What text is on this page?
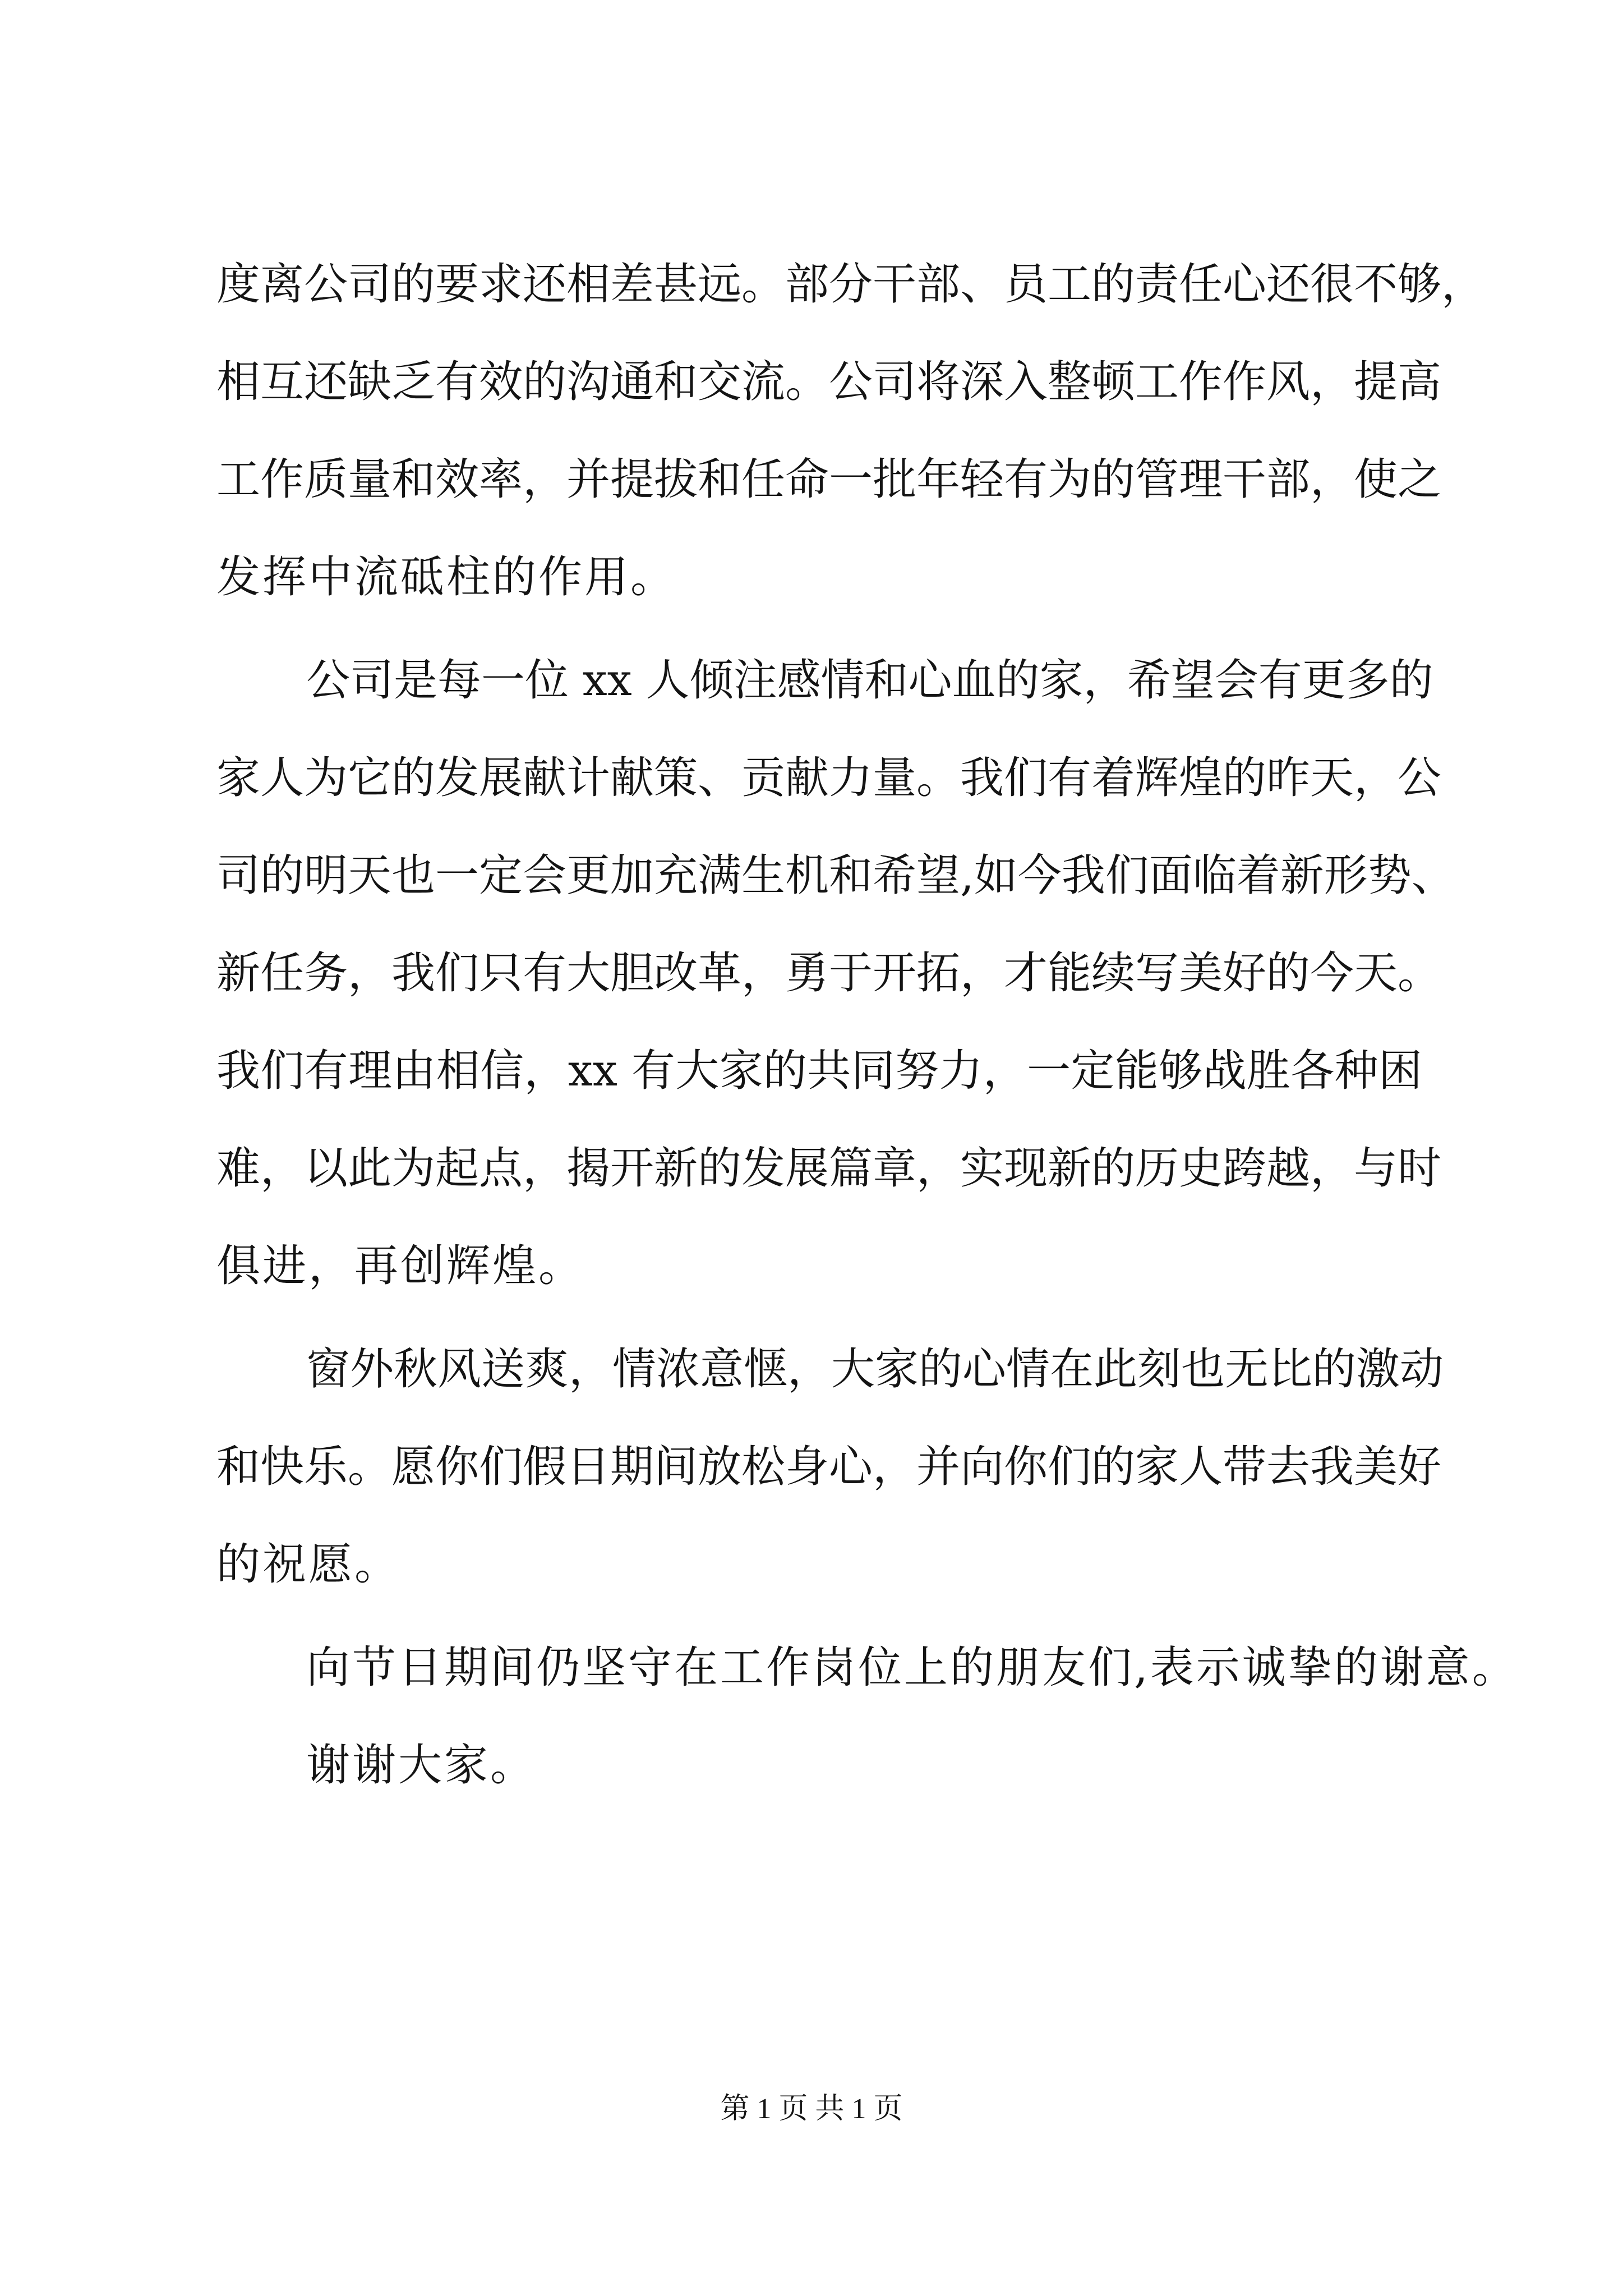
度离公司的要求还相差甚远。部分干部、员工的责任心还很不够，
相互还缺乏有效的沟通和交流。公司将深入整顿工作作风，提高
工作质量和效率，并提拔和任命一批年轻有为的管理干部，使之
发挥中流砥柱的作用。
公司是每一位 xx 人倾注感情和心血的家，希望会有更多的
家人为它的发展献计献策、贡献力量。我们有着辉煌的昨天，公
司的明天也一定会更加充满生机和希望,如今我们面临着新形势、
新任务，我们只有大胆改革，勇于开拓，才能续写美好的今天。
我们有理由相信，xx 有大家的共同努力，一定能够战胜各种困
难，以此为起点，揭开新的发展篇章，实现新的历史跨越，与时
俱进，再创辉煌。
窗外秋风送爽，情浓意惬，大家的心情在此刻也无比的激动
和快乐。愿你们假日期间放松身心，并向你们的家人带去我美好
的祝愿。
向节日期间仍坚守在工作岗位上的朋友们,表示诚挚的谢意。
谢谢大家。
第 1 页 共 1 页
